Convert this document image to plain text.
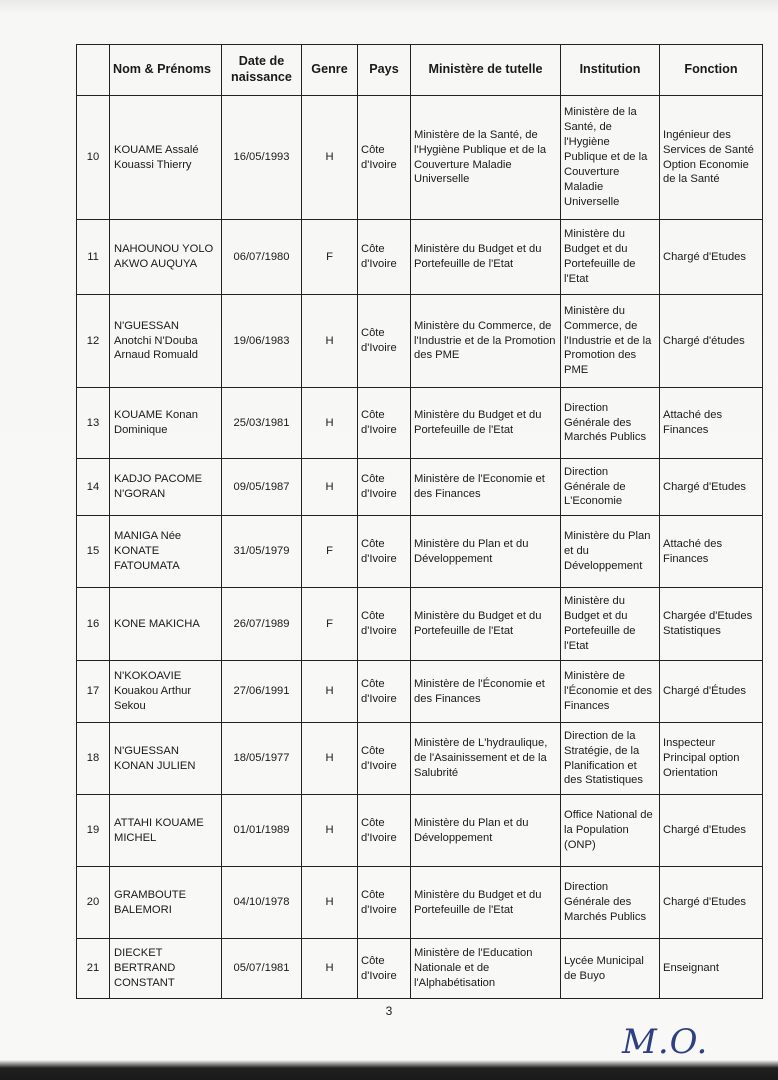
	Nom & Prénoms	Date de naissance	Genre	Pays	Ministère de tutelle	Institution	Fonction
10	KOUAME Assalé Kouassi Thierry	16/05/1993	H	Côte d'Ivoire	Ministère de la Santé, de l'Hygiène Publique et de la Couverture Maladie Universelle	Ministère de la Santé, de l'Hygiène Publique et de la Couverture Maladie Universelle	Ingénieur des Services de Santé Option Economie de la Santé
11	NAHOUNOU YOLO AKWO AUQUYA	06/07/1980	F	Côte d'Ivoire	Ministère du Budget et du Portefeuille de l'Etat	Ministère du Budget et du Portefeuille de l'Etat	Chargé d'Etudes
12	N'GUESSAN Anotchi N'Douba Arnaud Romuald	19/06/1983	H	Côte d'Ivoire	Ministère du Commerce, de l'Industrie et de la Promotion des PME	Ministère du Commerce, de l'Industrie et de la Promotion des PME	Chargé d'études
13	KOUAME Konan Dominique	25/03/1981	H	Côte d'Ivoire	Ministère du Budget et du Portefeuille de l'Etat	Direction Générale des Marchés Publics	Attaché des Finances
14	KADJO PACOME N'GORAN	09/05/1987	H	Côte d'Ivoire	Ministère de l'Economie et des Finances	Direction Générale de L'Economie	Chargé d'Etudes
15	MANIGA Née KONATE FATOUMATA	31/05/1979	F	Côte d'Ivoire	Ministère du Plan et du Développement	Ministère du Plan et du Développement	Attaché des Finances
16	KONE MAKICHA	26/07/1989	F	Côte d'Ivoire	Ministère du Budget et du Portefeuille de l'Etat	Ministère du Budget et du Portefeuille de l'Etat	Chargée d'Etudes Statistiques
17	N'KOKOAVIE Kouakou Arthur Sekou	27/06/1991	H	Côte d'Ivoire	Ministère de l'Économie et des Finances	Ministère de l'Économie et des Finances	Chargé d'Études
18	N'GUESSAN KONAN JULIEN	18/05/1977	H	Côte d'Ivoire	Ministère de L'hydraulique, de l'Asainissement et de la Salubrité	Direction de la Stratégie, de la Planification et des Statistiques	Inspecteur Principal option Orientation
19	ATTAHI KOUAME MICHEL	01/01/1989	H	Côte d'Ivoire	Ministère du Plan et du Développement	Office National de la Population (ONP)	Chargé d'Etudes
20	GRAMBOUTE BALEMORI	04/10/1978	H	Côte d'Ivoire	Ministère du Budget et du Portefeuille de l'Etat	Direction Générale des Marchés Publics	Chargé d'Etudes
21	DIECKET BERTRAND CONSTANT	05/07/1981	H	Côte d'Ivoire	Ministère de l'Education Nationale et de l'Alphabétisation	Lycée Municipal de Buyo	Enseignant
3
M.O.
